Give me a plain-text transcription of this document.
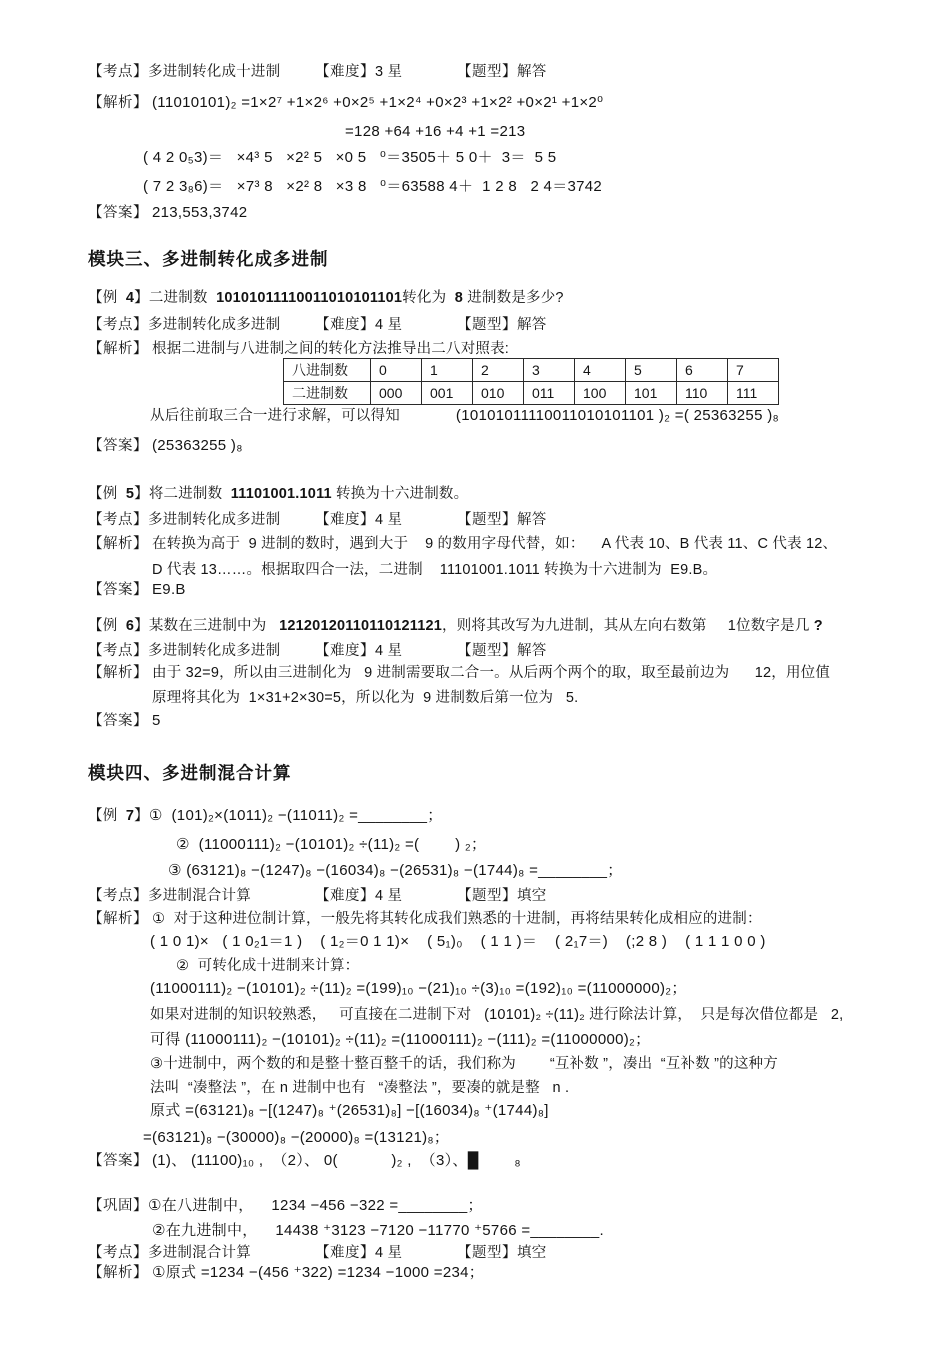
【考点】多进制转化成十进制 【难度】3 星	【题型】解答
【解析】 (11010101)₂ =1×2⁷ +1×2⁶ +0×2⁵ +1×2⁴ +0×2³ +1×2² +0×2¹ +1×2⁰
=128 +64 +16 +4 +1 =213
( 4 2 0₅3)＝   ×4³ 5   ×2² 5   ×0 5   ⁰＝3505＋ 5 0＋  3＝  5 5
( 7 2 3₈6)＝   ×7³ 8   ×2² 8   ×3 8   ⁰＝63588 4＋  1 2 8   2 4＝3742
【答案】 213,553,3742
模块三、多进制转化成多进制
【例  4】二进制数  10101011110011010101101转化为  8 进制数是多少?
【考点】多进制转化成多进制 【难度】4 星	【题型】解答
【解析】 根据二进制与八进制之间的转化方法推导出二八对照表:
八进制数	0	1	2	3	4	5	6	7
二进制数	000	001	010	011	100	101	110	111
从后往前取三合一进行求解，可以得知	(10101011110011010101101 )₂ =( 25363255 )₈
【答案】 (25363255 )₈
【例  5】将二进制数  11101001.1011 转换为十六进制数。
【考点】多进制转化成多进制 【难度】4 星	【题型】解答
【解析】 在转换为高于  9 进制的数时，遇到大于    9 的数用字母代替，如：    A 代表 10、B 代表 11、C 代表 12、
D 代表 13……。根据取四合一法，二进制    11101001.1011 转换为十六进制为  E9.B。
【答案】 E9.B
【例  6】某数在三进制中为   12120120110110121121，则将其改写为九进制，其从左向右数第     1位数字是几 ?
【考点】多进制转化成多进制 【难度】4 星	【题型】解答
【解析】 由于 32=9，所以由三进制化为   9 进制需要取二合一。从后两个两个的取，取至最前边为      12，用位值
原理将其化为  1×31+2×30=5，所以化为  9 进制数后第一位为   5.
【答案】 5
模块四、多进制混合计算
【例  7】①  (101)₂×(1011)₂ −(11011)₂ =________；
②  (11000111)₂ −(10101)₂ ÷(11)₂ =(        ) ₂；
③ (63121)₈ −(1247)₈ −(16034)₈ −(26531)₈ −(1744)₈ =________；
【考点】多进制混合计算	【难度】4 星	【题型】填空
【解析】 ①  对于这种进位制计算，一般先将其转化成我们熟悉的十进制，再将结果转化成相应的进制：
( 1 0 1)×   ( 1 0₂1＝1 )    ( 1₂＝0 1 1)×    ( 5₁)₀    ( 1 1 )＝    ( 2₁7＝)    (;2 8 )    ( 1 1 1 0 0 )
②  可转化成十进制来计算：
(11000111)₂ −(10101)₂ ÷(11)₂ =(199)₁₀ −(21)₁₀ ÷(3)₁₀ =(192)₁₀ =(11000000)₂；
如果对进制的知识较熟悉，   可直接在二进制下对   (10101)₂ ÷(11)₂ 进行除法计算，  只是每次借位都是   2,
可得 (11000111)₂ −(10101)₂ ÷(11)₂ =(11000111)₂ −(111)₂ =(11000000)₂；
③十进制中，两个数的和是整十整百整千的话，我们称为        “互补数 ”，凑出  “互补数 ”的这种方
法叫  “凑整法 ”，在 n 进制中也有   “凑整法 ”，要凑的就是整   n .
原式 =(63121)₈ −[(1247)₈ ⁺(26531)₈] −[(16034)₈ ⁺(1744)₈]
=(63121)₈ −(30000)₈ −(20000)₈ =(13121)₈；
【答案】 (1)、 (11100)₁₀ ,  （2）、 0(            )₂ ,  （3）、█        ₈
【巩固】①在八进制中，    1234 −456 −322 =________；
②在九进制中，    14438 ⁺3123 −7120 −11770 ⁺5766 =________.
【考点】多进制混合计算	【难度】4 星	【题型】填空
【解析】 ①原式 =1234 −(456 ⁺322) =1234 −1000 =234；
